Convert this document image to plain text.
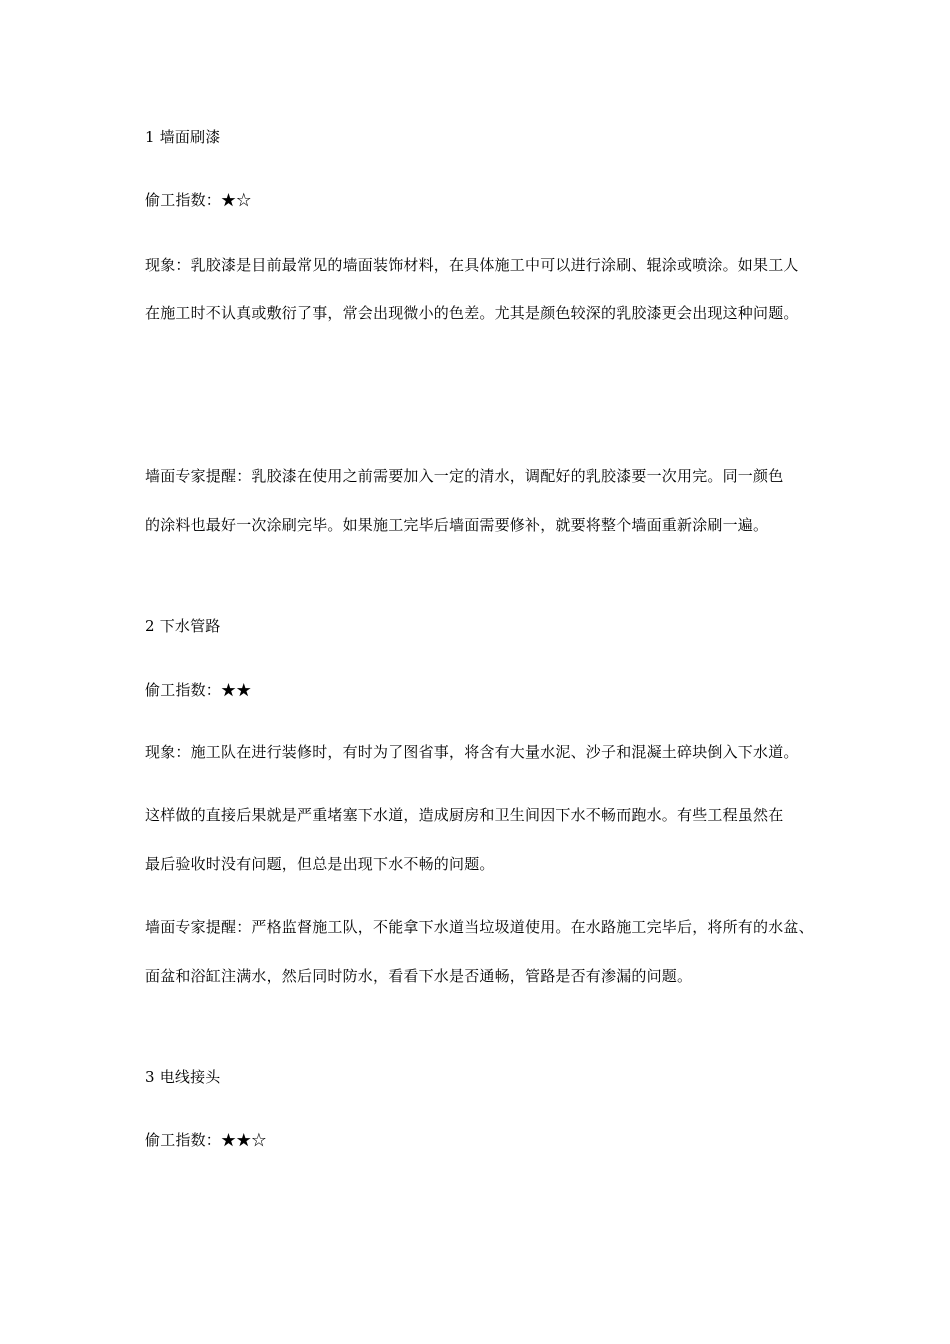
1 墙面刷漆
偷工指数：★☆
现象：乳胶漆是目前最常见的墙面装饰材料，在具体施工中可以进行涂刷、辊涂或喷涂。如果工人
在施工时不认真或敷衍了事，常会出现微小的色差。尤其是颜色较深的乳胶漆更会出现这种问题。
墙面专家提醒：乳胶漆在使用之前需要加入一定的清水，调配好的乳胶漆要一次用完。同一颜色
的涂料也最好一次涂刷完毕。如果施工完毕后墙面需要修补，就要将整个墙面重新涂刷一遍。
2 下水管路
偷工指数：★★
现象：施工队在进行装修时，有时为了图省事，将含有大量水泥、沙子和混凝土碎块倒入下水道。
这样做的直接后果就是严重堵塞下水道，造成厨房和卫生间因下水不畅而跑水。有些工程虽然在
最后验收时没有问题，但总是出现下水不畅的问题。
墙面专家提醒：严格监督施工队，不能拿下水道当垃圾道使用。在水路施工完毕后，将所有的水盆、
面盆和浴缸注满水，然后同时防水，看看下水是否通畅，管路是否有渗漏的问题。
3 电线接头
偷工指数：★★☆
